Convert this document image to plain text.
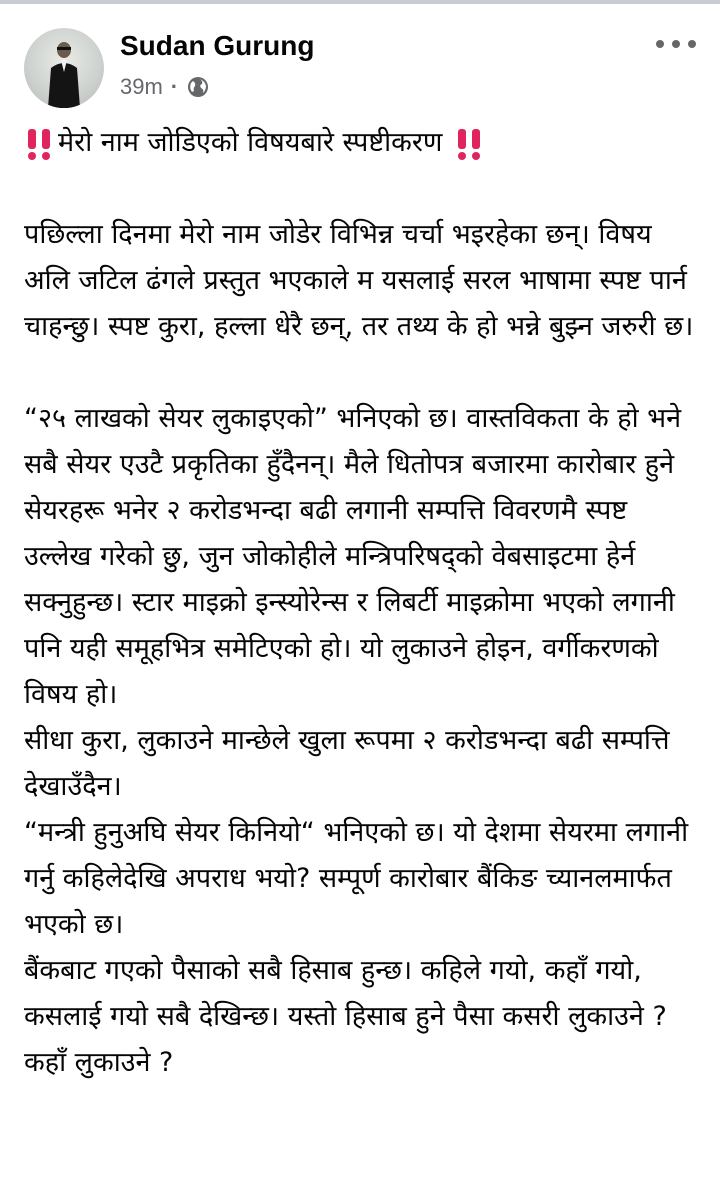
Sudan Gurung
39m ·
मेरो नाम जोडिएको विषयबारे स्पष्टीकरण

पछिल्ला दिनमा मेरो नाम जोडेर विभिन्न चर्चा भइरहेका छन्। विषय अलि जटिल ढंगले प्रस्तुत भएकाले म यसलाई सरल भाषामा स्पष्ट पार्न चाहन्छु। स्पष्ट कुरा, हल्ला धेरै छन्, तर तथ्य के हो भन्ने बुझ्न जरुरी छ।

“२५ लाखको सेयर लुकाइएको” भनिएको छ। वास्तविकता के हो भने सबै सेयर एउटै प्रकृतिका हुँदैनन्। मैले धितोपत्र बजारमा कारोबार हुने सेयरहरू भनेर २ करोडभन्दा बढी लगानी सम्पत्ति विवरणमै स्पष्ट उल्लेख गरेको छु, जुन जोकोहीले मन्त्रिपरिषद्को वेबसाइटमा हेर्न सक्नुहुन्छ। स्टार माइक्रो इन्स्योरेन्स र लिबर्टी माइक्रोमा भएको लगानी पनि यही समूहभित्र समेटिएको हो। यो लुकाउने होइन, वर्गीकरणको विषय हो।

सीधा कुरा, लुकाउने मान्छेले खुला रूपमा २ करोडभन्दा बढी सम्पत्ति देखाउँदैन।

“मन्त्री हुनुअघि सेयर किनियो“ भनिएको छ। यो देशमा सेयरमा लगानी गर्नु कहिलेदेखि अपराध भयो? सम्पूर्ण कारोबार बैंकिङ च्यानलमार्फत भएको छ।

बैंकबाट गएको पैसाको सबै हिसाब हुन्छ। कहिले गयो, कहाँ गयो, कसलाई गयो सबै देखिन्छ। यस्तो हिसाब हुने पैसा कसरी लुकाउने ? कहाँ लुकाउने ?
